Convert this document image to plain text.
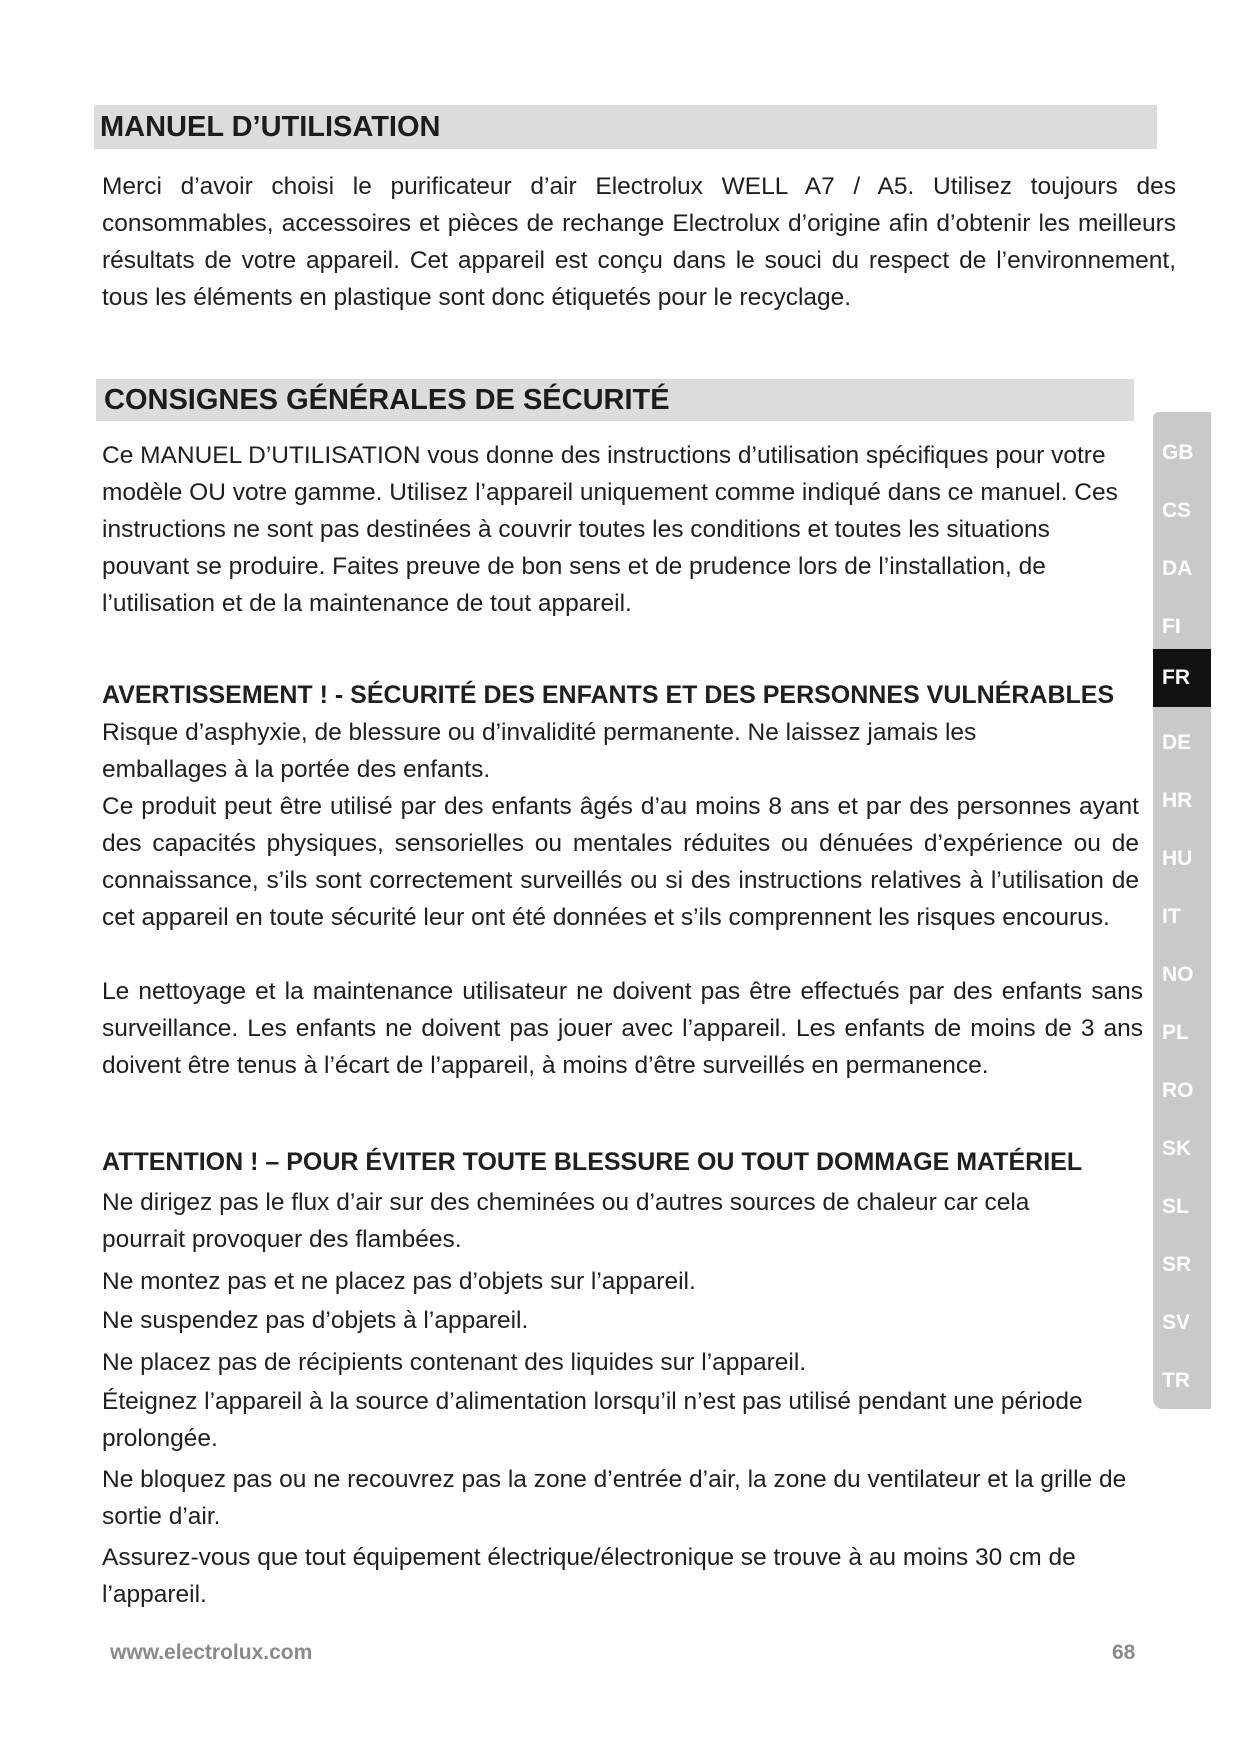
MANUEL D’UTILISATION

Merci d’avoir choisi le purificateur d’air Electrolux WELL A7 / A5. Utilisez toujours des consommables, accessoires et pièces de rechange Electrolux d’origine afin d’obtenir les meilleurs résultats de votre appareil. Cet appareil est conçu dans le souci du respect de l’environnement, tous les éléments en plastique sont donc étiquetés pour le recyclage.

CONSIGNES GÉNÉRALES DE SÉCURITÉ

Ce MANUEL D’UTILISATION vous donne des instructions d’utilisation spécifiques pour votre modèle OU votre gamme. Utilisez l’appareil uniquement comme indiqué dans ce manuel. Ces instructions ne sont pas destinées à couvrir toutes les conditions et toutes les situations pouvant se produire. Faites preuve de bon sens et de prudence lors de l’installation, de l’utilisation et de la maintenance de tout appareil.

AVERTISSEMENT ! - SÉCURITÉ DES ENFANTS ET DES PERSONNES VULNÉRABLES

Risque d’asphyxie, de blessure ou d’invalidité permanente. Ne laissez jamais les emballages à la portée des enfants.

Ce produit peut être utilisé par des enfants âgés d’au moins 8 ans et par des personnes ayant des capacités physiques, sensorielles ou mentales réduites ou dénuées d’expérience ou de connaissance, s’ils sont correctement surveillés ou si des instructions relatives à l’utilisation de cet appareil en toute sécurité leur ont été données et s’ils comprennent les risques encourus.

Le nettoyage et la maintenance utilisateur ne doivent pas être effectués par des enfants sans surveillance. Les enfants ne doivent pas jouer avec l’appareil. Les enfants de moins de 3 ans doivent être tenus à l’écart de l’appareil, à moins d’être surveillés en permanence.

ATTENTION ! – POUR ÉVITER TOUTE BLESSURE OU TOUT DOMMAGE MATÉRIEL

Ne dirigez pas le flux d’air sur des cheminées ou d’autres sources de chaleur car cela pourrait provoquer des flambées.

Ne montez pas et ne placez pas d’objets sur l’appareil.

Ne suspendez pas d’objets à l’appareil.

Ne placez pas de récipients contenant des liquides sur l’appareil.

Éteignez l’appareil à la source d’alimentation lorsqu’il n’est pas utilisé pendant une période prolongée.

Ne bloquez pas ou ne recouvrez pas la zone d’entrée d’air, la zone du ventilateur et la grille de sortie d’air.

Assurez-vous que tout équipement électrique/électronique se trouve à au moins 30 cm de l’appareil.

GB
CS
DA
FI
FR
DE
HR
HU
IT
NO
PL
RO
SK
SL
SR
SV
TR
www.electrolux.com	68
